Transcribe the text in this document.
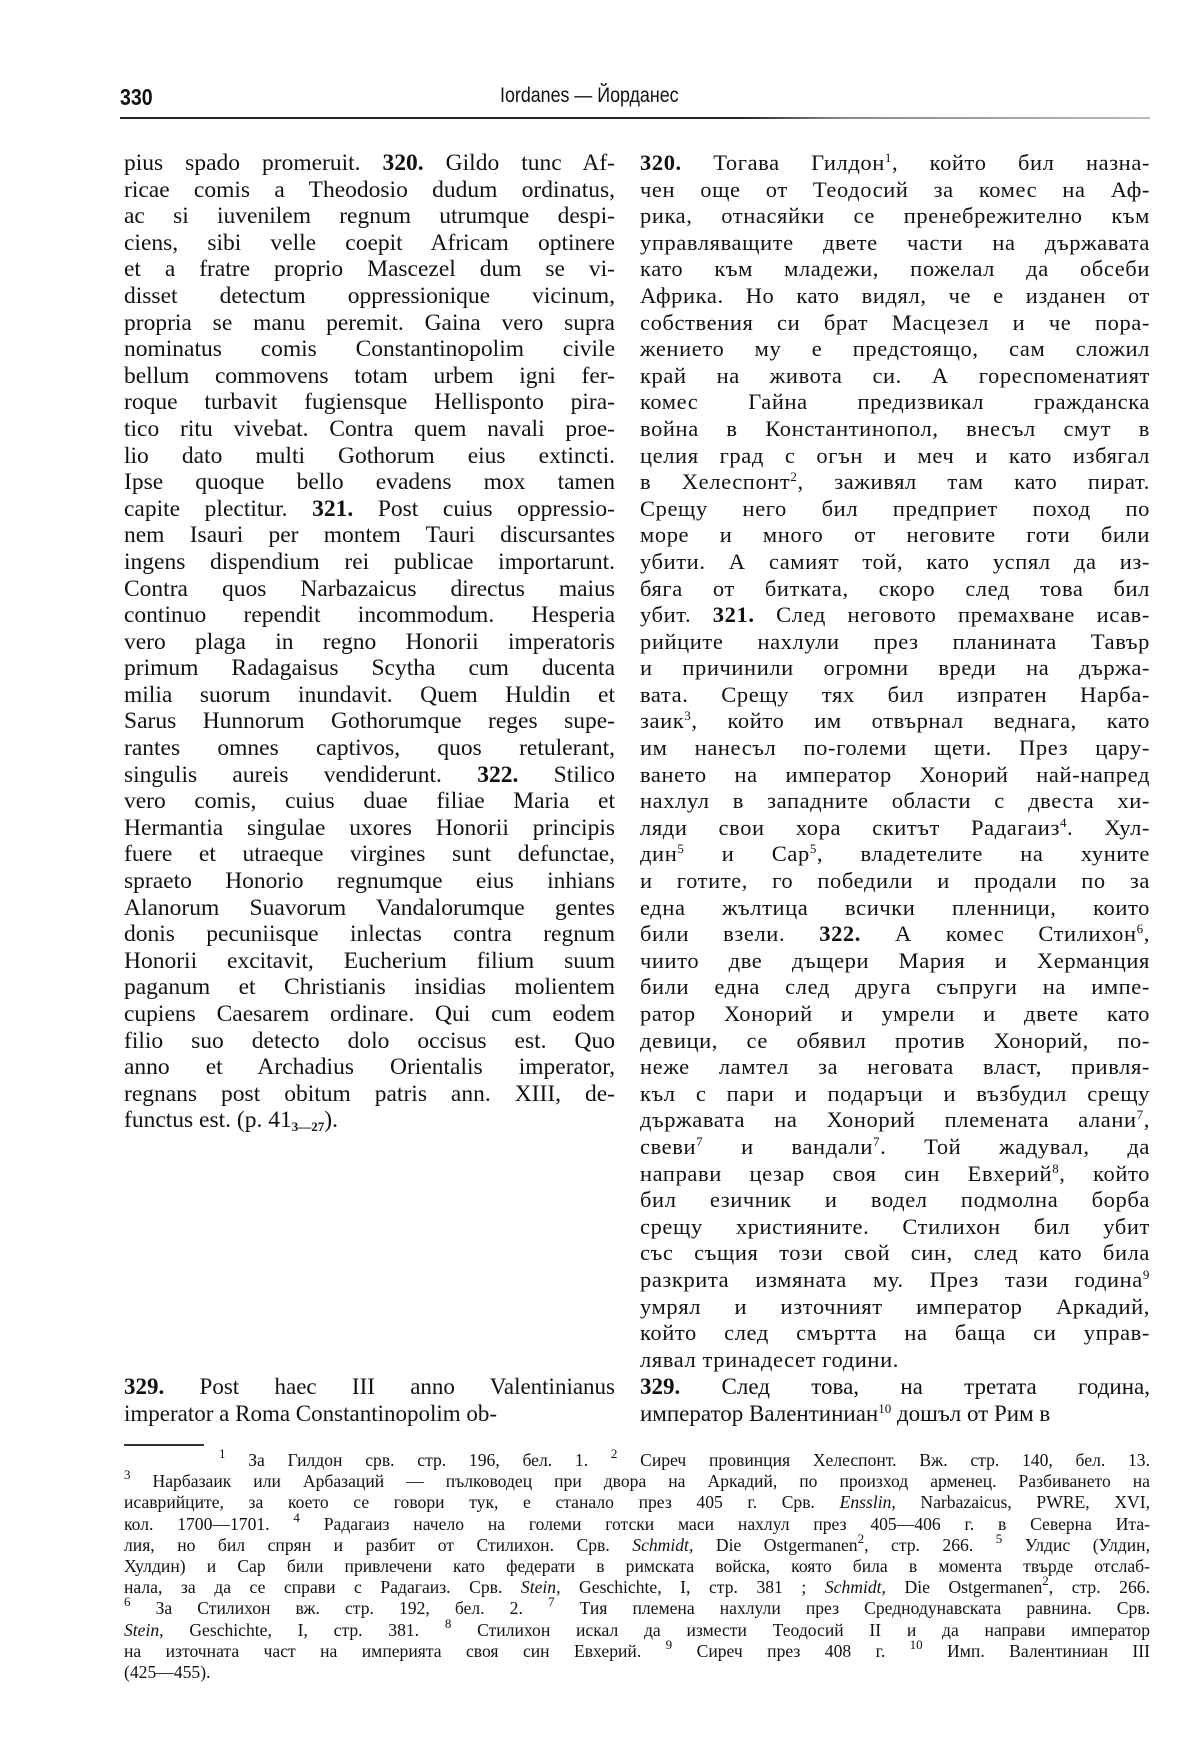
330	Iordanes — Йорданес
pius spado promeruit. 320. Gildo tunc Af-
ricae comis a Theodosio dudum ordinatus,
ac si iuvenilem regnum utrumque despi-
ciens, sibi velle coepit Africam optinere
et a fratre proprio Mascezel dum se vi-
disset detectum oppressionique vicinum,
propria se manu peremit. Gaina vero supra
nominatus comis Constantinopolim civile
bellum commovens totam urbem igni fer-
roque turbavit fugiensque Hellisponto pira-
tico ritu vivebat. Contra quem navali proe-
lio dato multi Gothorum eius extincti.
Ipse quoque bello evadens mox tamen
capite plectitur. 321. Post cuius oppressio-
nem Isauri per montem Tauri discursantes
ingens dispendium rei publicae importarunt.
Contra quos Narbazaicus directus maius
continuo rependit incommodum. Hesperia
vero plaga in regno Honorii imperatoris
primum Radagaisus Scytha cum ducenta
milia suorum inundavit. Quem Huldin et
Sarus Hunnorum Gothorumque reges supe-
rantes omnes captivos, quos retulerant,
singulis aureis vendiderunt. 322. Stilico
vero comis, cuius duae filiae Maria et
Hermantia singulae uxores Honorii principis
fuere et utraeque virgines sunt defunctae,
spraeto Honorio regnumque eius inhians
Alanorum Suavorum Vandalorumque gentes
donis pecuniisque inlectas contra regnum
Honorii excitavit, Eucherium filium suum
paganum et Christianis insidias molientem
cupiens Caesarem ordinare. Qui cum eodem
filio suo detecto dolo occisus est. Quo
anno et Archadius Orientalis imperator,
regnans post obitum patris ann. XIII, de-
functus est. (p. $41_{3—27}$).
320. Тогава Гилдон$^1$, който бил назна-
чен още от Теодосий за комес на Аф-
рика, отнасяйки се пренебрежително към
управляващите двете части на държавата
като към младежи, пожелал да обсеби
Африка. Но като видял, че е изданен от
собствения си брат Масцезел и че пора-
жението му е предстоящо, сам сложил
край на живота си. А гореспоменатият
комес Гайна предизвикал гражданска
война в Константинопол, внесъл смут в
целия град с огън и меч и като избягал
в Хелеспонт$^2$, заживял там като пират.
Срещу него бил предприет поход по
море и много от неговите готи били
убити. А самият той, като успял да из-
бяга от битката, скоро след това бил
убит. 321. След неговото премахване исав-
рийците нахлули през планината Тавър
и причинили огромни вреди на държа-
вата. Срещу тях бил изпратен Нарба-
заик$^3$, който им отвърнал веднага, като
им нанесъл по-големи щети. През цару-
ването на император Хонорий най-напред
нахлул в западните области с двеста хи-
ляди свои хора скитът Радагаиз$^4$. Хул-
дин$^5$ и Сар$^5$, владетелите на хуните
и готите, го победили и продали по за
една жълтица всички пленници, които
били взели. 322. А комес Стилихон$^6$,
чиито две дъщери Мария и Херманция
били една след друга съпруги на импе-
ратор Хонорий и умрели и двете като
девици, се обявил против Хонорий, по-
неже ламтел за неговата власт, привля-
къл с пари и подаръци и възбудил срещу
държавата на Хонорий племената алани$^7$,
свеви$^7$ и вандали$^7$. Той жадувал, да
направи цезар своя син Евхерий$^8$, който
бил езичник и водел подмолна борба
срещу християните. Стилихон бил убит
със същия този свой син, след като била
разкрита измяната му. През тази година$^9$
умрял и източният император Аркадий,
който след смъртта на баща си управ-
лявал тринадесет години.
329. Post haec III anno Valentinianus
imperator a Roma Constantinopolim ob-
329. След това, на третата година,
император Валентиниан$^{10}$ дошъл от Рим в
$^1$ За Гилдон срв. стр. 196, бел. 1. $^2$ Сиреч провинция Хелеспонт. Вж. стр. 140, бел. 13.
$^3$ Нарбазаик или Арбазаций — пълководец при двора на Аркадий, по произход арменец. Разбиването на
исаврийците, за което се говори тук, е станало през 405 г. Срв. Ensslin, Narbazaicus, PWRE, XVI,
кол. 1700—1701. $^4$ Радагаиз начело на големи готски маси нахлул през 405—406 г. в Северна Ита-
лия, но бил спрян и разбит от Стилихон. Срв. Schmidt, Die Ostgermanen$^2$, стр. 266. $^5$ Улдис (Улдин,
Хулдин) и Сар били привлечени като федерати в римската войска, която била в момента твърде отслаб-
нала, за да се справи с Радагаиз. Срв. Stein, Geschichte, I, стр. 381 ; Schmidt, Die Ostgermanen$^2$, стр. 266.
$^6$ За Стилихон вж. стр. 192, бел. 2. $^7$ Тия племена нахлули през Среднодунавската равнина. Срв.
Stein, Geschichte, I, стр. 381. $^8$ Стилихон искал да измести Теодосий II и да направи император
на източната част на империята своя син Евхерий. $^9$ Сиреч през 408 г. $^{10}$ Имп. Валентиниан III
(425—455).
